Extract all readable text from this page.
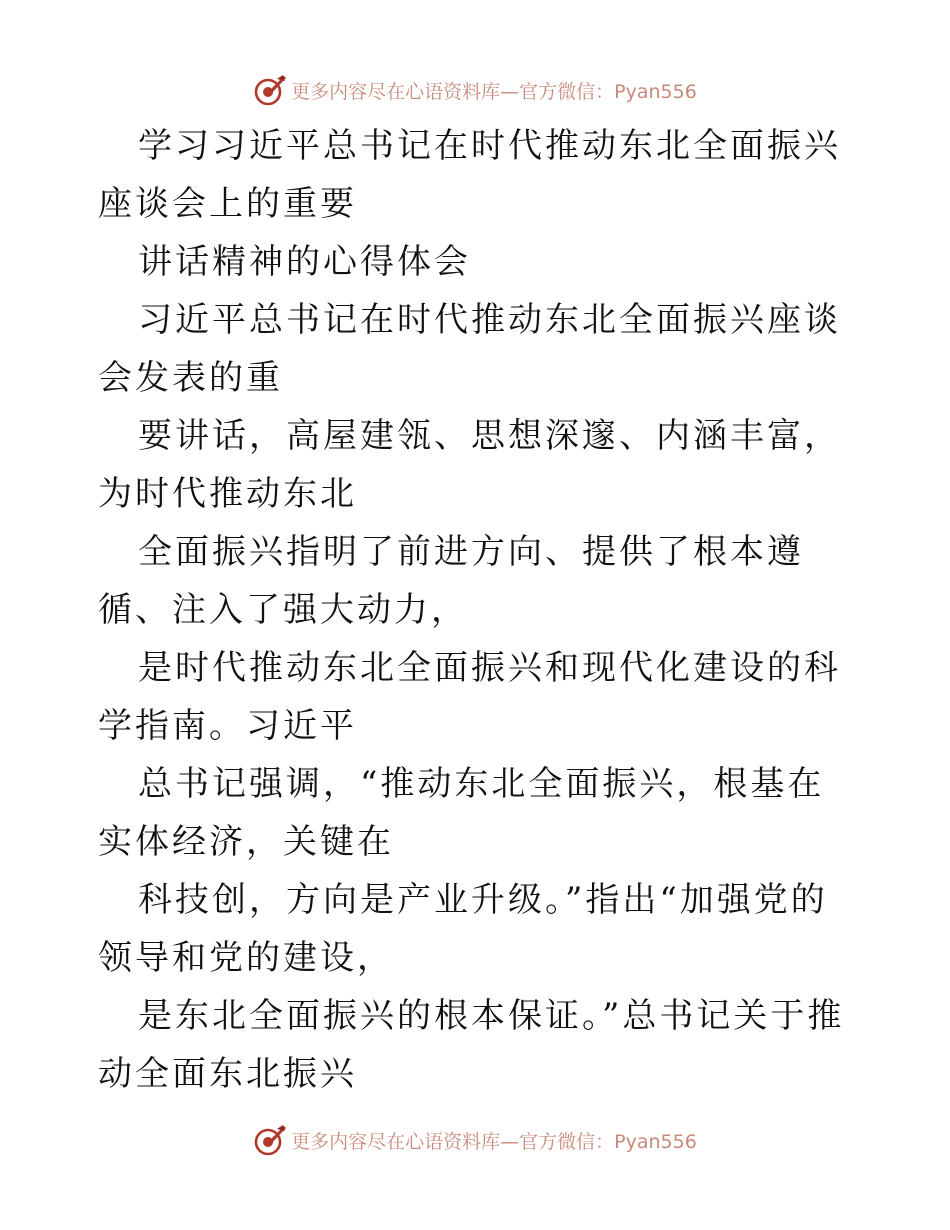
更多内容尽在心语资料库—官方微信：Pyan556

学习习近平总书记在时代推动东北全面振兴座谈会上的重要

讲话精神的心得体会

习近平总书记在时代推动东北全面振兴座谈会发表的重

要讲话，高屋建瓴、思想深邃、内涵丰富，为时代推动东北

全面振兴指明了前进方向、提供了根本遵循、注入了强大动力，

是时代推动东北全面振兴和现代化建设的科学指南。习近平

总书记强调，“推动东北全面振兴，根基在实体经济，关键在

科技创，方向是产业升级。”指出“加强党的领导和党的建设，

是东北全面振兴的根本保证。”总书记关于推动全面东北振兴

更多内容尽在心语资料库—官方微信：Pyan556
